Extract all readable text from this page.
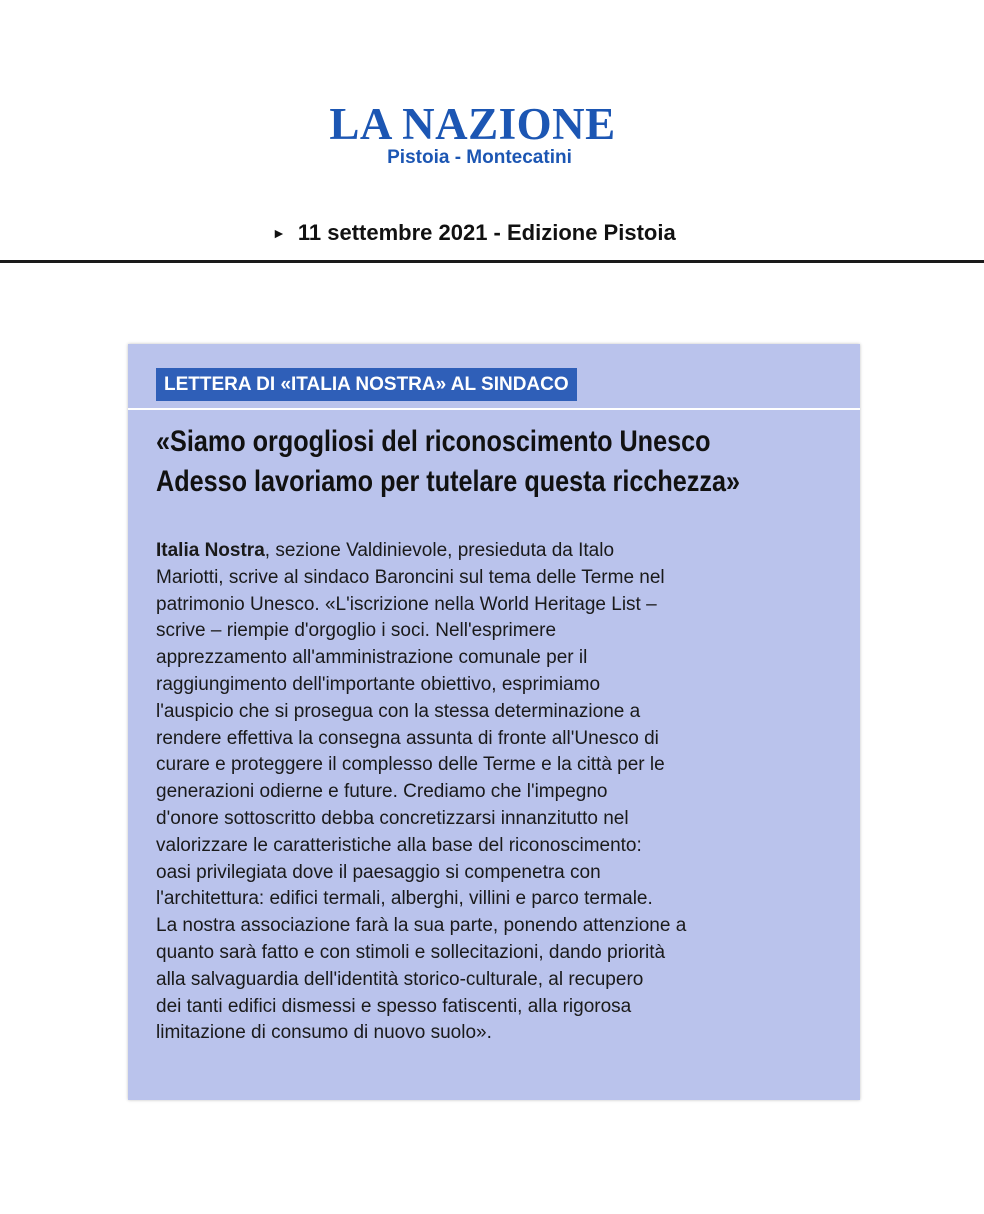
LA NAZIONE
Pistoia - Montecatini
► 11 settembre 2021 - Edizione Pistoia
LETTERA DI «ITALIA NOSTRA» AL SINDACO
«Siamo orgogliosi del riconoscimento Unesco
Adesso lavoriamo per tutelare questa ricchezza»
Italia Nostra, sezione Valdinievole, presieduta da Italo
Mariotti, scrive al sindaco Baroncini sul tema delle Terme nel
patrimonio Unesco. «L'iscrizione nella World Heritage List –
scrive – riempie d'orgoglio i soci. Nell'esprimere
apprezzamento all'amministrazione comunale per il
raggiungimento dell'importante obiettivo, esprimiamo
l'auspicio che si prosegua con la stessa determinazione a
rendere effettiva la consegna assunta di fronte all'Unesco di
curare e proteggere il complesso delle Terme e la città per le
generazioni odierne e future. Crediamo che l'impegno
d'onore sottoscritto debba concretizzarsi innanzitutto nel
valorizzare le caratteristiche alla base del riconoscimento:
oasi privilegiata dove il paesaggio si compenetra con
l'architettura: edifici termali, alberghi, villini e parco termale.
La nostra associazione farà la sua parte, ponendo attenzione a
quanto sarà fatto e con stimoli e sollecitazioni, dando priorità
alla salvaguardia dell'identità storico-culturale, al recupero
dei tanti edifici dismessi e spesso fatiscenti, alla rigorosa
limitazione di consumo di nuovo suolo».
